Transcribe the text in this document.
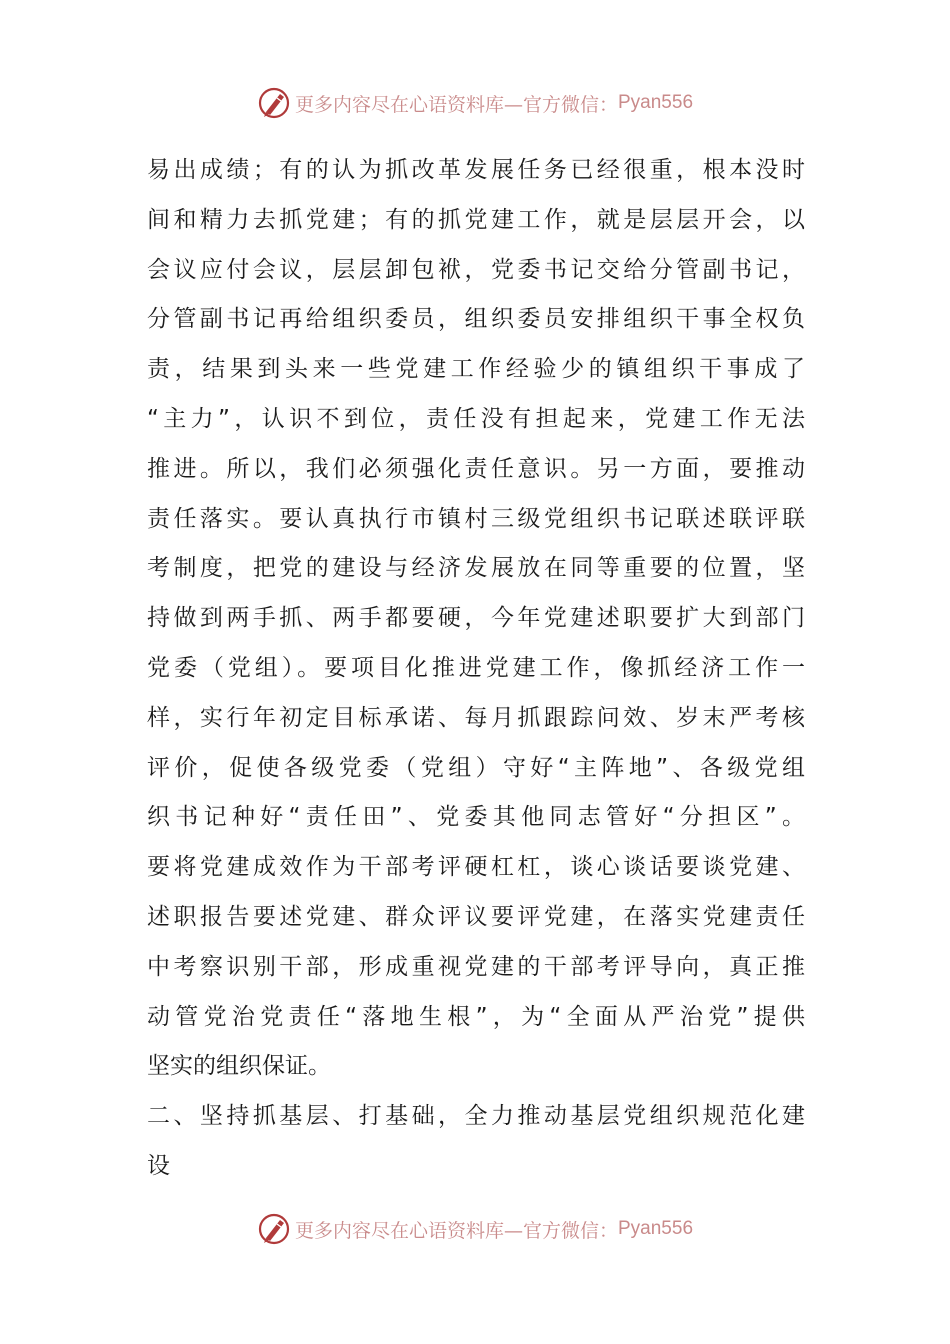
更多内容尽在心语资料库—官方微信： Pyan556
易出成绩；有的认为抓改革发展任务已经很重，根本没时
间和精力去抓党建；有的抓党建工作，就是层层开会，以
会议应付会议，层层卸包袱，党委书记交给分管副书记，
分管副书记再给组织委员，组织委员安排组织干事全权负
责，结果到头来一些党建工作经验少的镇组织干事成了
“主力”，认识不到位，责任没有担起来，党建工作无法
推进。所以，我们必须强化责任意识。另一方面，要推动
责任落实。要认真执行市镇村三级党组织书记联述联评联
考制度，把党的建设与经济发展放在同等重要的位置，坚
持做到两手抓、两手都要硬，今年党建述职要扩大到部门
党委（党组）。要项目化推进党建工作，像抓经济工作一
样，实行年初定目标承诺、每月抓跟踪问效、岁末严考核
评价，促使各级党委（党组）守好“主阵地”、各级党组
织书记种好“责任田”、党委其他同志管好“分担区”。
要将党建成效作为干部考评硬杠杠，谈心谈话要谈党建、
述职报告要述党建、群众评议要评党建，在落实党建责任
中考察识别干部，形成重视党建的干部考评导向，真正推
动管党治党责任“落地生根”，为“全面从严治党”提供
坚实的组织保证。
二、坚持抓基层、打基础，全力推动基层党组织规范化建
设
更多内容尽在心语资料库—官方微信： Pyan556
